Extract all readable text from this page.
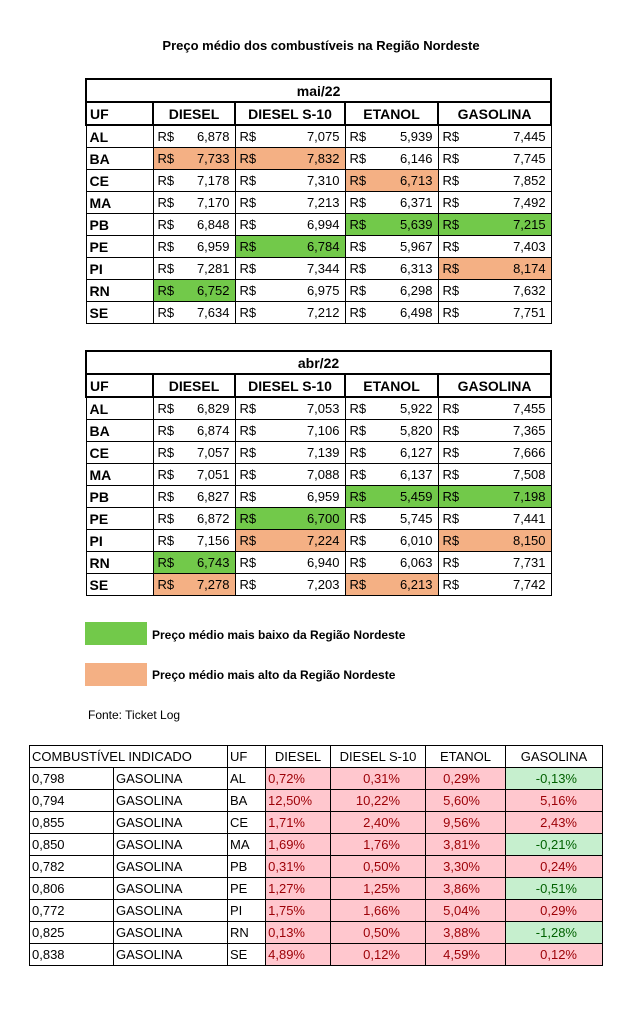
Preço médio dos combustíveis na Região Nordeste
mai/22								
UF	DIESEL		DIESEL S-10		ETANOL		GASOLINA	
AL	R$	6,878	R$	7,075	R$	5,939	R$	7,445
BA	R$	7,733	R$	7,832	R$	6,146	R$	7,745
CE	R$	7,178	R$	7,310	R$	6,713	R$	7,852
MA	R$	7,170	R$	7,213	R$	6,371	R$	7,492
PB	R$	6,848	R$	6,994	R$	5,639	R$	7,215
PE	R$	6,959	R$	6,784	R$	5,967	R$	7,403
PI	R$	7,281	R$	7,344	R$	6,313	R$	8,174
RN	R$	6,752	R$	6,975	R$	6,298	R$	7,632
SE	R$	7,634	R$	7,212	R$	6,498	R$	7,751
abr/22								
UF	DIESEL		DIESEL S-10		ETANOL		GASOLINA	
AL	R$	6,829	R$	7,053	R$	5,922	R$	7,455
BA	R$	6,874	R$	7,106	R$	5,820	R$	7,365
CE	R$	7,057	R$	7,139	R$	6,127	R$	7,666
MA	R$	7,051	R$	7,088	R$	6,137	R$	7,508
PB	R$	6,827	R$	6,959	R$	5,459	R$	7,198
PE	R$	6,872	R$	6,700	R$	5,745	R$	7,441
PI	R$	7,156	R$	7,224	R$	6,010	R$	8,150
RN	R$	6,743	R$	6,940	R$	6,063	R$	7,731
SE	R$	7,278	R$	7,203	R$	6,213	R$	7,742
Preço médio mais baixo da Região Nordeste
Preço médio mais alto da Região Nordeste
Fonte: Ticket Log
COMBUSTÍVEL INDICADO		UF	DIESEL	DIESEL S-10	ETANOL	GASOLINA
0,798	GASOLINA	AL	0,72%	0,31%	0,29%	-0,13%
0,794	GASOLINA	BA	12,50%	10,22%	5,60%	5,16%
0,855	GASOLINA	CE	1,71%	2,40%	9,56%	2,43%
0,850	GASOLINA	MA	1,69%	1,76%	3,81%	-0,21%
0,782	GASOLINA	PB	0,31%	0,50%	3,30%	0,24%
0,806	GASOLINA	PE	1,27%	1,25%	3,86%	-0,51%
0,772	GASOLINA	PI	1,75%	1,66%	5,04%	0,29%
0,825	GASOLINA	RN	0,13%	0,50%	3,88%	-1,28%
0,838	GASOLINA	SE	4,89%	0,12%	4,59%	0,12%
